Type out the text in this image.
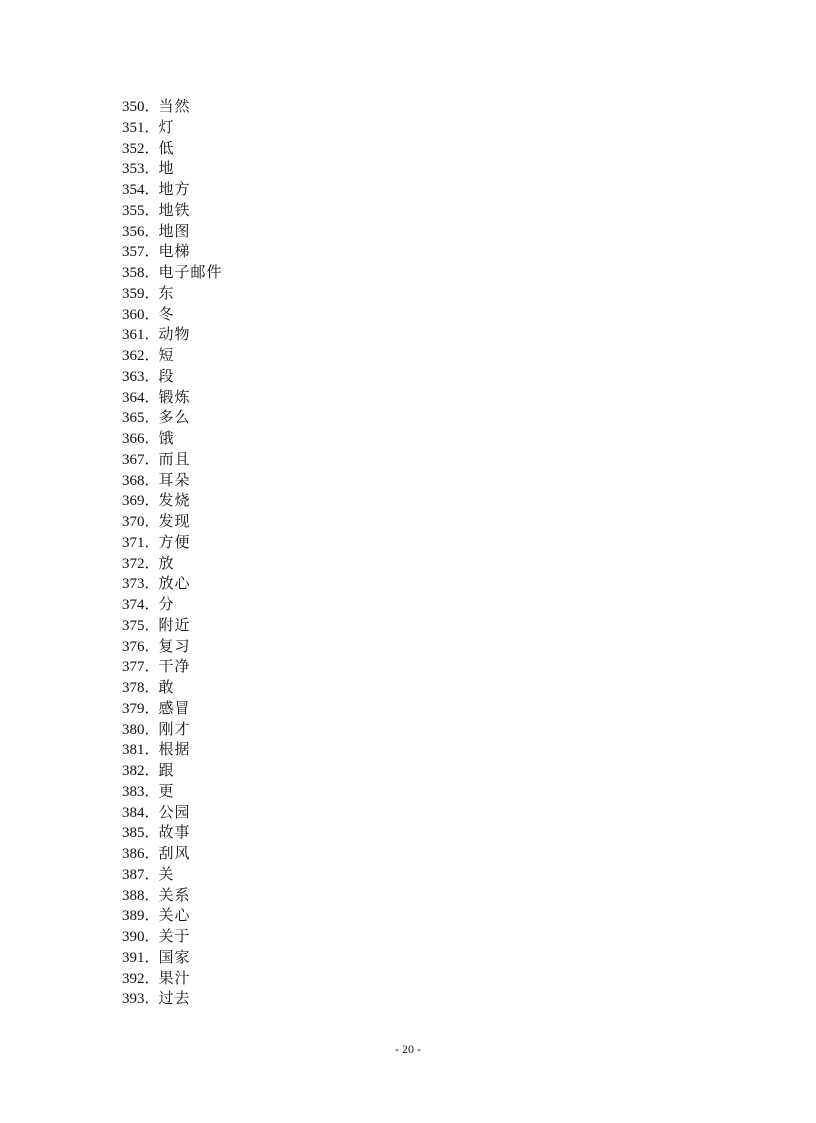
350 ．
当然
351 ．
灯
352 ．
低
353 ．
地
354 ．
地方
355 ．
地铁
356 ．
地图
357 ．
电梯
358 ．
电子邮件
359 ．
东
360 ．
冬
361 ．
动物
362 ．
短
363 ．
段
364 ．
锻炼
365 ．
多么
366 ．
饿
367 ．
而且
368 ．
耳朵
369 ．
发烧
370 ．
发现
371 ．
方便
372 ．
放
373 ．
放心
374 ．
分
375 ．
附近
376 ．
复习
377 ．
干净
378 ．
敢
379 ．
感冒
380 ．
刚才
381 ．
根据
382 ．
跟
383 ．
更
384 ．
公园
385 ．
故事
386 ．
刮风
387 ．
关
388 ．
关系
389 ．
关心
390 ．
关于
391 ．
国家
392 ．
果汁
393 ．
过去
- 20 -
